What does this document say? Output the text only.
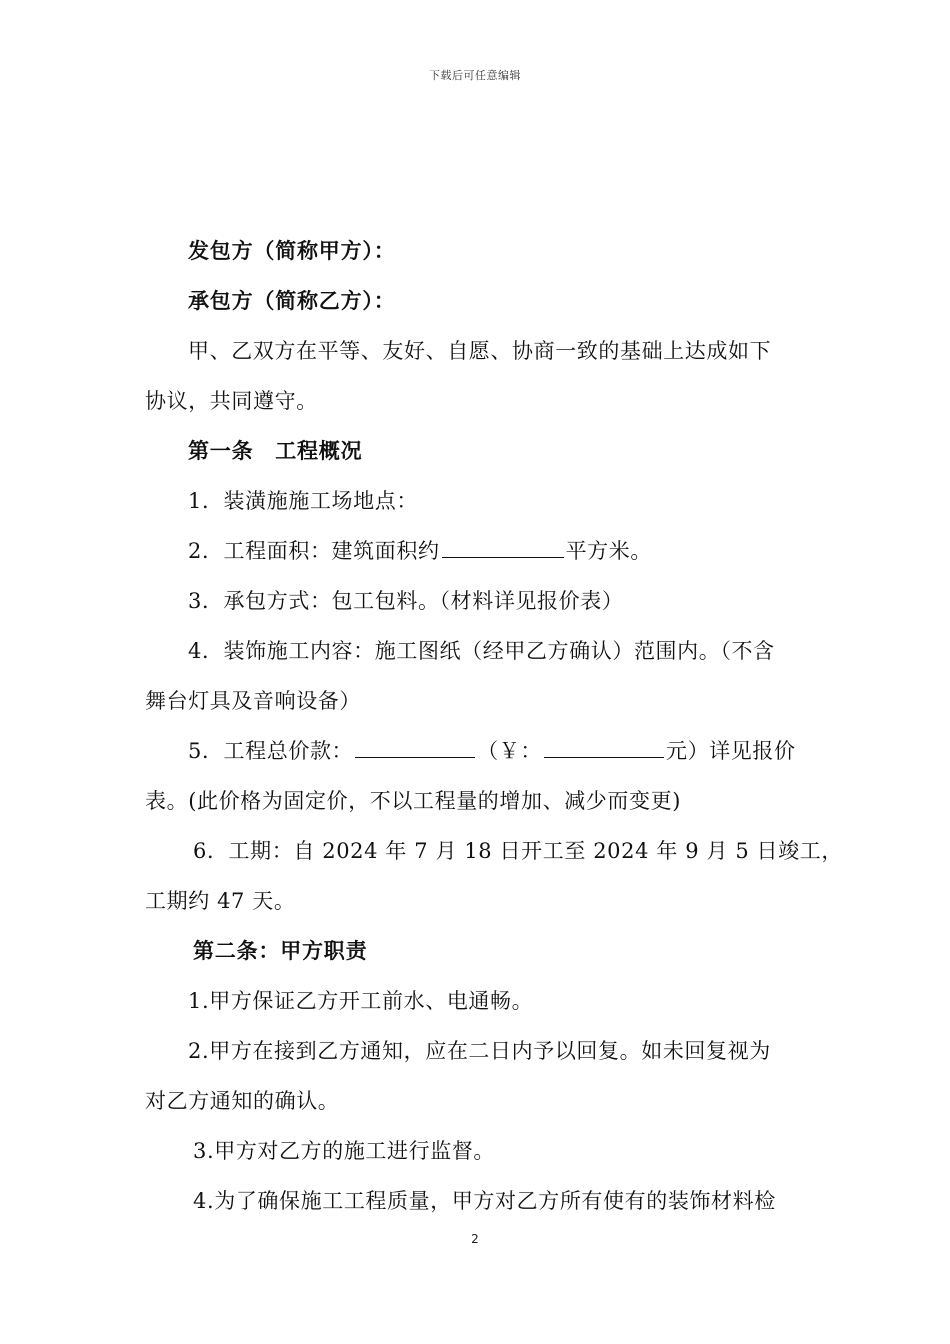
下载后可任意编辑
发包方（简称甲方）：
承包方（简称乙方）：
甲、乙双方在平等、友好、自愿、协商一致的基础上达成如下
协议，共同遵守。
第一条　工程概况
1．装潢施施工场地点：
2．工程面积：建筑面积约	平方米。
3．承包方式：包工包料。（材料详见报价表）
4．装饰施工内容：施工图纸（经甲乙方确认）范围内。（不含
舞台灯具及音响设备）
5．工程总价款：	（￥：	元）详见报价
表。(此价格为固定价，不以工程量的增加、减少而变更)
6．工期：自 2024 年 7 月 18 日开工至 2024 年 9 月 5 日竣工，
工期约 47 天。
第二条：甲方职责
1.甲方保证乙方开工前水、电通畅。
2.甲方在接到乙方通知，应在二日内予以回复。如未回复视为
对乙方通知的确认。
3.甲方对乙方的施工进行监督。
4.为了确保施工工程质量，甲方对乙方所有使有的装饰材料检
2
